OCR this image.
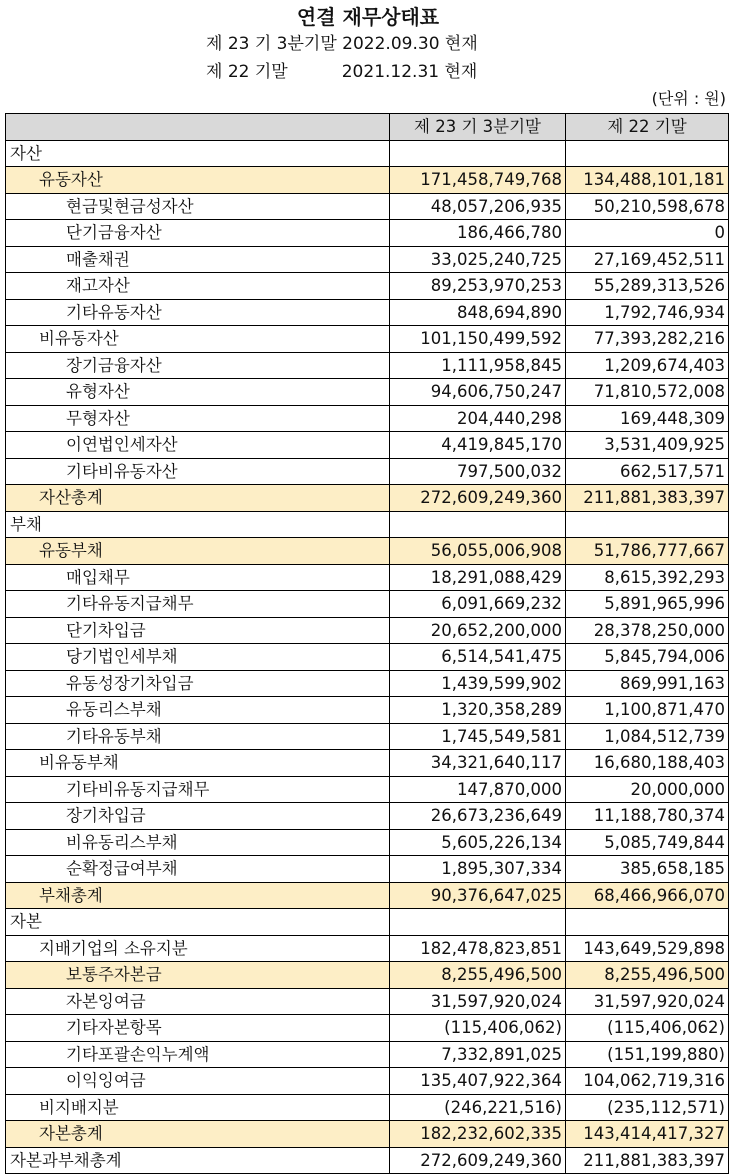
연결 재무상태표
제 23 기 3분기말 2022.09.30 현재
제 22 기말          2021.12.31 현재
(단위 : 원)
	제 23 기 3분기말	제 22 기말
자산		
유동자산	171,458,749,768	134,488,101,181
현금및현금성자산	48,057,206,935	50,210,598,678
단기금융자산	186,466,780	0
매출채권	33,025,240,725	27,169,452,511
재고자산	89,253,970,253	55,289,313,526
기타유동자산	848,694,890	1,792,746,934
비유동자산	101,150,499,592	77,393,282,216
장기금융자산	1,111,958,845	1,209,674,403
유형자산	94,606,750,247	71,810,572,008
무형자산	204,440,298	169,448,309
이연법인세자산	4,419,845,170	3,531,409,925
기타비유동자산	797,500,032	662,517,571
자산총계	272,609,249,360	211,881,383,397
부채		
유동부채	56,055,006,908	51,786,777,667
매입채무	18,291,088,429	8,615,392,293
기타유동지급채무	6,091,669,232	5,891,965,996
단기차입금	20,652,200,000	28,378,250,000
당기법인세부채	6,514,541,475	5,845,794,006
유동성장기차입금	1,439,599,902	869,991,163
유동리스부채	1,320,358,289	1,100,871,470
기타유동부채	1,745,549,581	1,084,512,739
비유동부채	34,321,640,117	16,680,188,403
기타비유동지급채무	147,870,000	20,000,000
장기차입금	26,673,236,649	11,188,780,374
비유동리스부채	5,605,226,134	5,085,749,844
순확정급여부채	1,895,307,334	385,658,185
부채총계	90,376,647,025	68,466,966,070
자본		
지배기업의 소유지분	182,478,823,851	143,649,529,898
보통주자본금	8,255,496,500	8,255,496,500
자본잉여금	31,597,920,024	31,597,920,024
기타자본항목	(115,406,062)	(115,406,062)
기타포괄손익누계액	7,332,891,025	(151,199,880)
이익잉여금	135,407,922,364	104,062,719,316
비지배지분	(246,221,516)	(235,112,571)
자본총계	182,232,602,335	143,414,417,327
자본과부채총계	272,609,249,360	211,881,383,397
